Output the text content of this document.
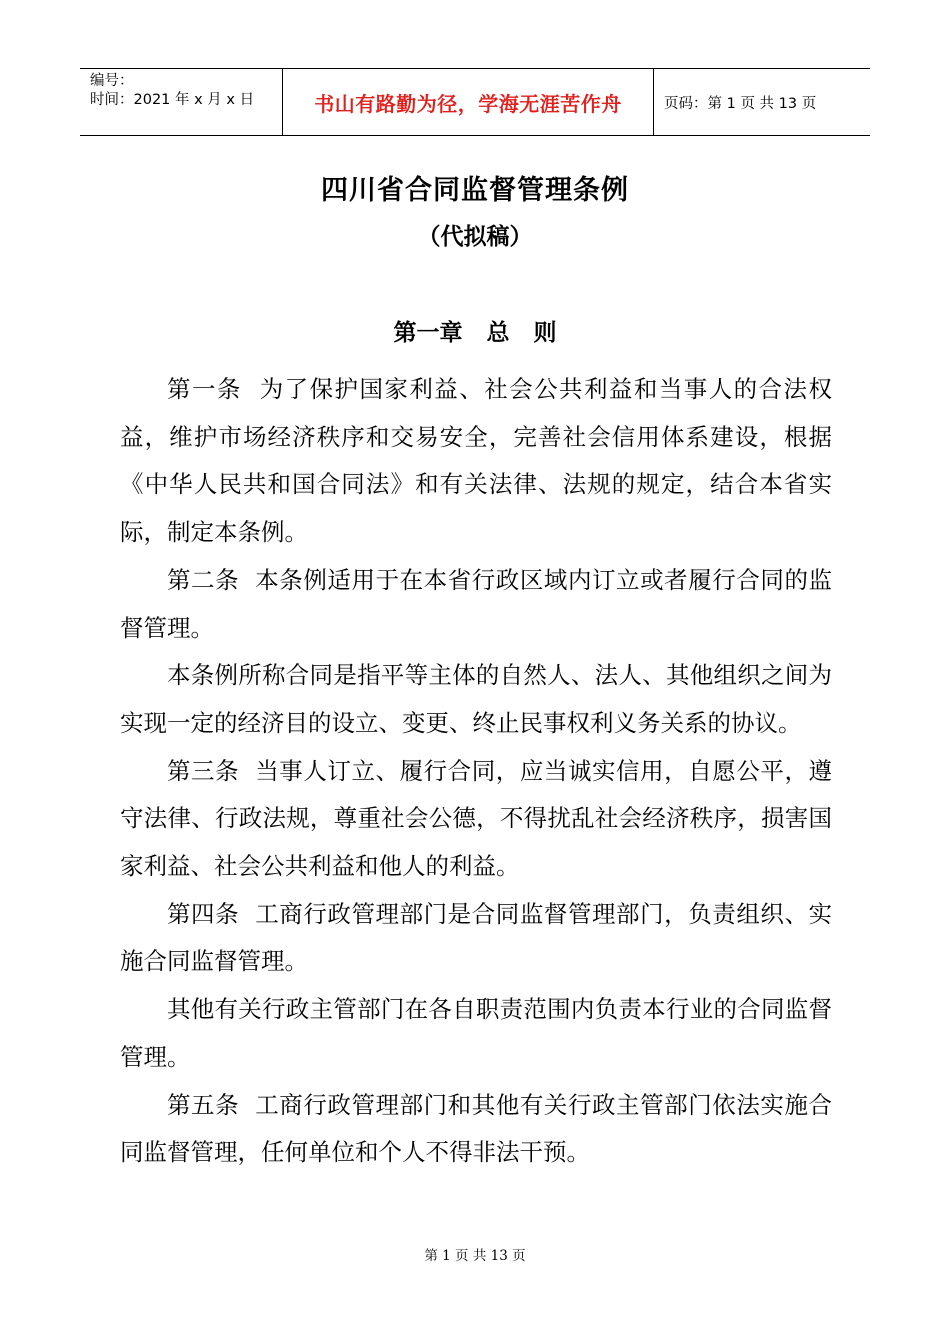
编号：
时间：2021 年 x 月 x 日	书山有路勤为径，学海无涯苦作舟	页码：第 1 页 共 13 页
四川省合同监督管理条例
（代拟稿）
第一章   总   则

第一条 为了保护国家利益、社会公共利益和当事人的合法权益，维护市场经济秩序和交易安全，完善社会信用体系建设，根据《中华人民共和国合同法》和有关法律、法规的规定，结合本省实际，制定本条例。

第二条 本条例适用于在本省行政区域内订立或者履行合同的监督管理。

本条例所称合同是指平等主体的自然人、法人、其他组织之间为实现一定的经济目的设立、变更、终止民事权利义务关系的协议。

第三条 当事人订立、履行合同，应当诚实信用，自愿公平，遵守法律、行政法规，尊重社会公德，不得扰乱社会经济秩序，损害国家利益、社会公共利益和他人的利益。

第四条 工商行政管理部门是合同监督管理部门，负责组织、实施合同监督管理。

其他有关行政主管部门在各自职责范围内负责本行业的合同监督管理。

第五条 工商行政管理部门和其他有关行政主管部门依法实施合同监督管理，任何单位和个人不得非法干预。

第 1 页 共 13 页
